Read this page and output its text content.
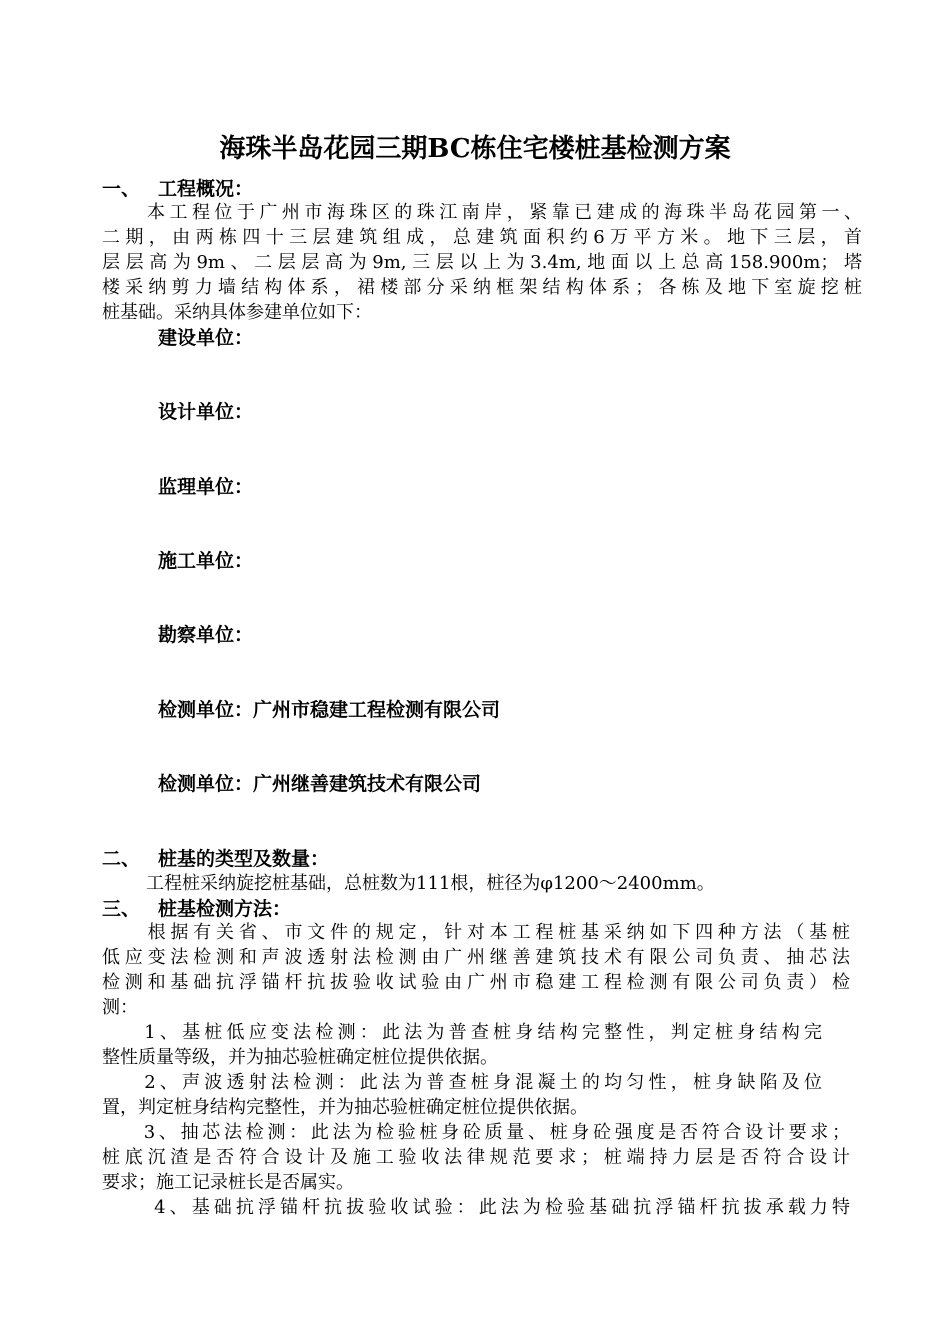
海珠半岛花园三期BC栋住宅楼桩基检测方案
一、 工程概况：
　　本工程位于广州市海珠区的珠江南岸，紧靠已建成的海珠半岛花园第一、
二期，由两栋四十三层建筑组成，总建筑面积约6万平方米。地下三层，首
层层高为9m、二层层高为9m,三层以上为3.4m,地面以上总高158.900m；塔
楼采纳剪力墙结构体系，裙楼部分采纳框架结构体系；各栋及地下室旋挖桩
桩基础。采纳具体参建单位如下：
建设单位：
设计单位：
监理单位：
施工单位：
勘察单位：
检测单位：广州市稳建工程检测有限公司
检测单位：广州继善建筑技术有限公司
二、 桩基的类型及数量：
工程桩采纳旋挖桩基础，总桩数为111根，桩径为φ1200～2400mm。
三、 桩基检测方法：
　　根据有关省、市文件的规定，针对本工程桩基采纳如下四种方法（基桩
低应变法检测和声波透射法检测由广州继善建筑技术有限公司负责、抽芯法
检测和基础抗浮锚杆抗拔验收试验由广州市稳建工程检测有限公司负责）检
测：
　1、基桩低应变法检测：此法为普查桩身结构完整性，判定桩身结构完
整性质量等级，并为抽芯验桩确定桩位提供依据。
　2、声波透射法检测：此法为普查桩身混凝土的均匀性，桩身缺陷及位
置，判定桩身结构完整性，并为抽芯验桩确定桩位提供依据。
　3、抽芯法检测：此法为检验桩身砼质量、桩身砼强度是否符合设计要求；
桩底沉渣是否符合设计及施工验收法律规范要求；桩端持力层是否符合设计
要求；施工记录桩长是否属实。
　4、基础抗浮锚杆抗拔验收试验：此法为检验基础抗浮锚杆抗拔承载力特
